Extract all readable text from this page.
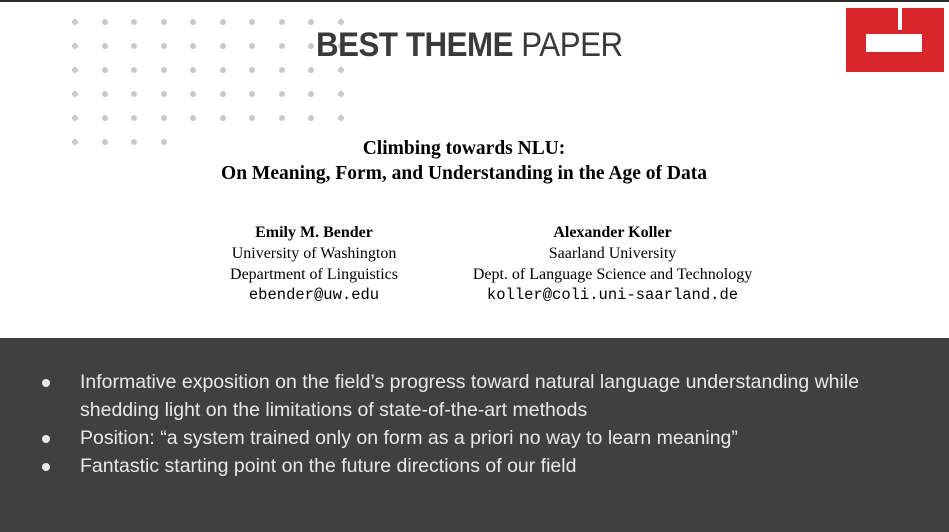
BEST THEME PAPER
Climbing towards NLU:
On Meaning, Form, and Understanding in the Age of Data
Emily M. Bender
University of Washington
Department of Linguistics
ebender@uw.edu
Alexander Koller
Saarland University
Dept. of Language Science and Technology
koller@coli.uni-saarland.de
Informative exposition on the field’s progress toward natural language understanding while shedding light on the limitations of state-of-the-art methods
Position: “a system trained only on form as a priori no way to learn meaning”
Fantastic starting point on the future directions of our field
